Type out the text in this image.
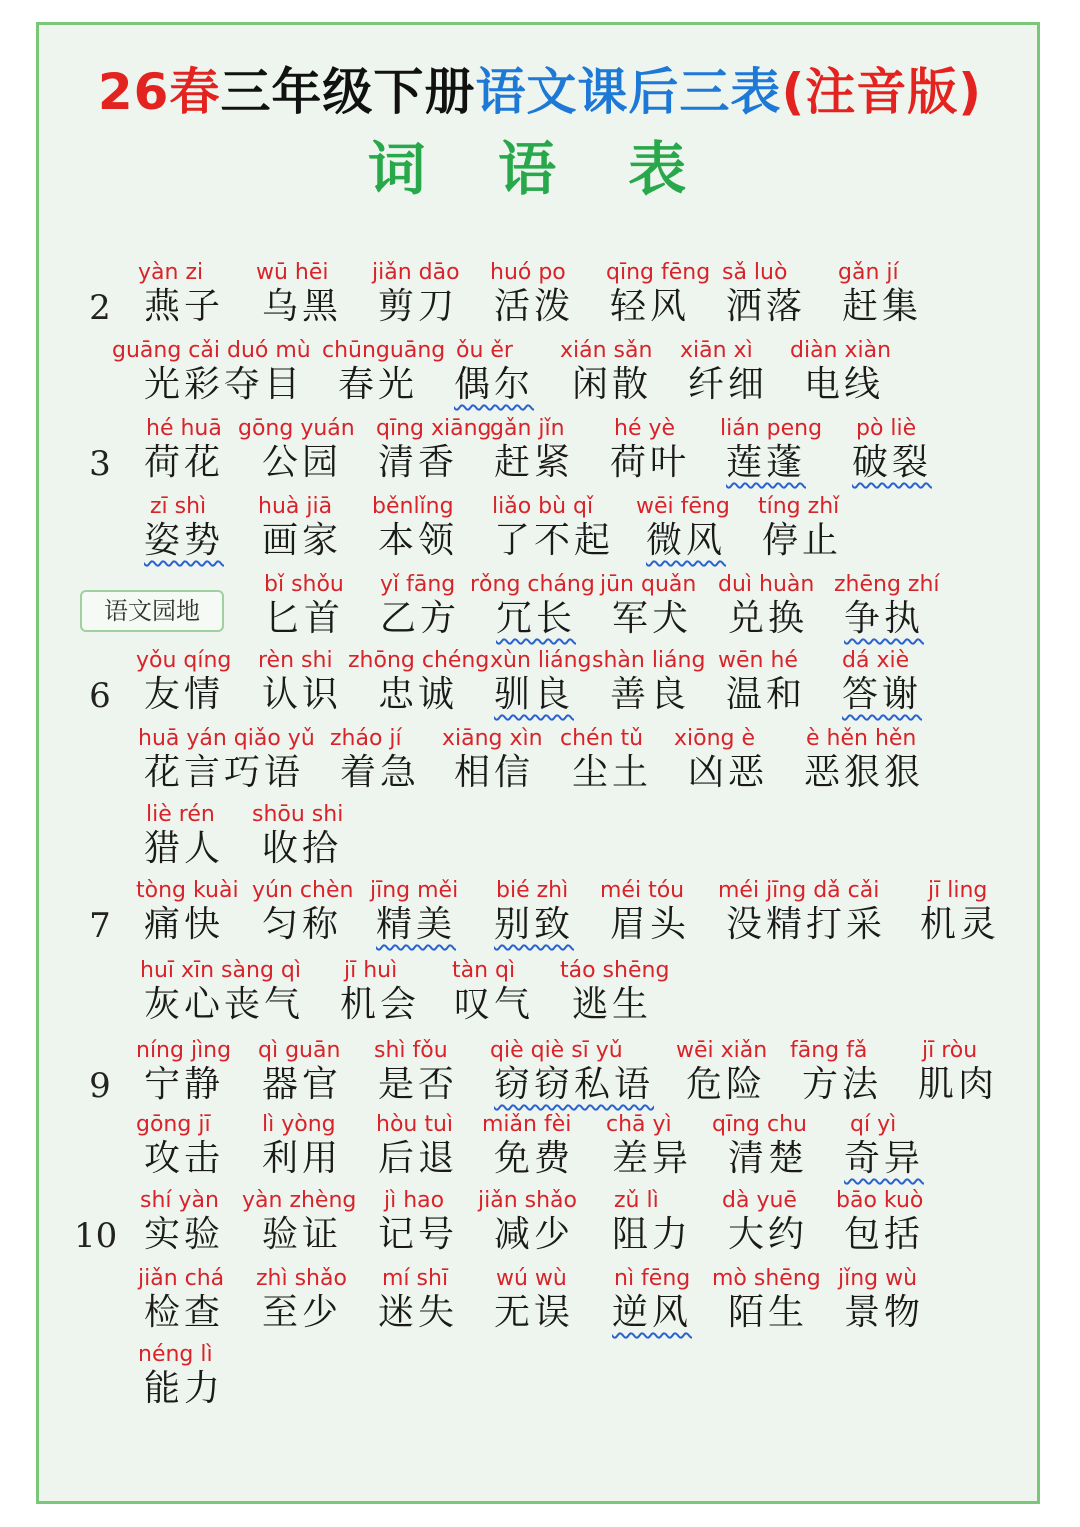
26春三年级下册语文课后三表(注音版)
词 语 表
2
yàn zi
燕子
wū hēi
乌黑
jiǎn dāo
剪刀
huó po
活泼
qīng fēng
轻风
sǎ luò
洒落
gǎn jí
赶集
guāng cǎi duó mù
光彩夺目
chūnguāng
春光
ǒu ěr
偶尔
xián sǎn
闲散
xiān xì
纤细
diàn xiàn
电线
3
hé huā
荷花
gōng yuán
公园
qīng xiāng
清香
gǎn jǐn
赶紧
hé yè
荷叶
lián peng
莲蓬
pò liè
破裂
zī shì
姿势
huà jiā
画家
běnlǐng
本领
liǎo bù qǐ
了不起
wēi fēng
微风
tíng zhǐ
停止
语文园地
bǐ shǒu
匕首
yǐ fāng
乙方
rǒng cháng
冗长
jūn quǎn
军犬
duì huàn
兑换
zhēng zhí
争执
6
yǒu qíng
友情
rèn shi
认识
zhōng chéng
忠诚
xùn liáng
驯良
shàn liáng
善良
wēn hé
温和
dá xiè
答谢
huā yán qiǎo yǔ
花言巧语
zháo jí
着急
xiāng xìn
相信
chén tǔ
尘土
xiōng è
凶恶
è hěn hěn
恶狠狠
liè rén
猎人
shōu shi
收拾
7
tòng kuài
痛快
yún chèn
匀称
jīng měi
精美
bié zhì
别致
méi tóu
眉头
méi jīng dǎ cǎi
没精打采
jī ling
机灵
huī xīn sàng qì
灰心丧气
jī huì
机会
tàn qì
叹气
táo shēng
逃生
9
níng jìng
宁静
qì guān
器官
shì fǒu
是否
qiè qiè sī yǔ
窃窃私语
wēi xiǎn
危险
fāng fǎ
方法
jī ròu
肌肉
gōng jī
攻击
lì yòng
利用
hòu tuì
后退
miǎn fèi
免费
chā yì
差异
qīng chu
清楚
qí yì
奇异
10
shí yàn
实验
yàn zhèng
验证
jì hao
记号
jiǎn shǎo
减少
zǔ lì
阻力
dà yuē
大约
bāo kuò
包括
jiǎn chá
检查
zhì shǎo
至少
mí shī
迷失
wú wù
无误
nì fēng
逆风
mò shēng
陌生
jǐng wù
景物
néng lì
能力
